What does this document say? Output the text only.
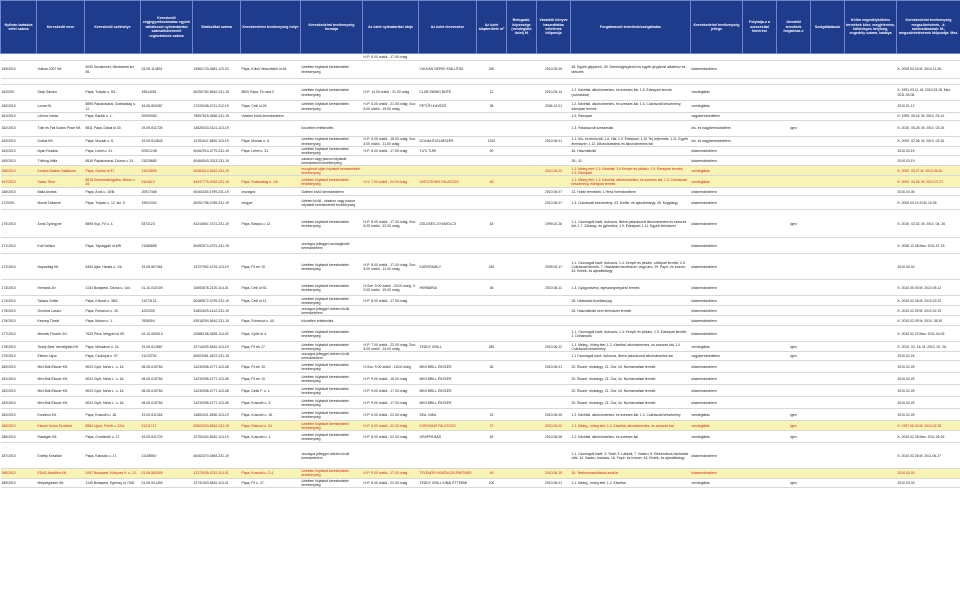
Nyilván-tartásba vétel száma	Kereskedő neve	Kereskedő székhelye	Kereskedő cégjegyzékszáma/az egyéni vállalkozói nyilvántartási száma/kistermelő regisztrációs száma	Statisztikai száma	Kereskedelmi tevékenység helye	Kereskedelmi tevékenység formája	Az üzlet nyitvatartási ideje	Az üzlet elnevezése	Az üzlet alapterülete m²	Befogadó-képessége (vendéglátó üzlet) fő	Vásárlók könyve használatba vételének időpontja	Forgalmazott termékek/szolgáltatás	Kereskedelmi tevékenység jellege	Folytatja-e a szeszesital kimérést	Jövedéki termékek forgalmaz-e	Szolgáltatások	Külön engedélyköteles termékek köre, megjelenése, különleges helyiség, engedély száma, hatálya	Kereskedelmi tevékenység megszűnésének, -k. módosításának: M., megszüntetésének időpontja: Msz.
							H-P: 8.00 órától - 17.00 óráig											
159/2010	Vulkan 2007 Kft.	6000 Kecskemét, Mindszenti krt. 55.	03-09-114831	13961723-4661-113-03	Pápa, Külső Vesszőtelei út 46.	üzletben folytatott kereskedelmi tevékenység		VULKÁN GÉPEK KIÁLLÍTÁS	250		2010.05.25	48. Egyéb gépjármű, 49. Személygépjármű és egyéb gépjármű alkatrész és -tartozék	kiskereskedelem					K: 2009.03.04 M. 2010.11.26.

16/2009.	Szép Sándor	Pápa, Tulipán u. 5/1.	19514081	60250782-5610-231-19	8500 Pápa, Fő utca 2.	üzletben folytatott kereskedelmi tevékenység	H-P: 14.00 órától - 21.00 óráig	CLUB SWING BÜFÉ	12		2010.05.14	1.2. Kávéital, alkoholmentes- és szeszes ital; 1.5. Édesipari termék (cukrászda)	vendéglátás					K: 1991.03.11. M: 2010.03.15. Msz: 2011.05.08.
160/2010	Lovas Bt.	8596 Pápakovácsi, Szabadság u. 12.	19-06-500087	27226348-4711-212-19	Pápa, Celli út 25.	üzletben folytatott kereskedelmi tevékenység	H-P: 6.00 órától - 21.00 óráig; Szo: 8.00 órától - 19.00 óráig	PETŐFI KÁVÉZÓ	38		2006.12.01	1.2. Kávéital, alkoholmentes- és szeszes ital; 1.4. Cukrászati készítmény, édesipari termék	vendéglátás					2010.01.12
161/2010	Lőrincz István	Pápa, Bartók u. 1.	20990083	75557615-4636-231-19	Üzleten kívüli kereskedelem							1.9. Édesipari	nagykereskedelem					K: 1999. 06.16. M: 2010. 03.14.
162/2010	Tóth és Fiai Szabó Pince Kft.	8511 Pápa, Dákai út 30.	19-09-511728	14825033-0121-113-19		közvetlen értékesítés						1.3. Palackozott szeszesital	kis- és nagykereskedelem		igen			K: 2010. 08.25. M: 2010. 03.15.
163/2010	Dolma Kft.	Pápa, Mozsár u. 6.	19-09-512843	14781647-6820-113-19	Pápa, Mozsár u. 6.	üzletben folytatott kereskedelmi tevékenység	H-P: 6.00 órától - 18.00 óráig; Szo: 5.00 órától - 11.00 óráig	DOLMA ÉLELMISZER	1100		2010.06.01	1.1. Kis- és fenőrzött; 1.6. Hal; 1.9. Édesipari; 1.10 Tej, tejtermék; 1.11. Egyéb élelmiszer; 1.12. Alkoholtartalmú és alkoholmentes ital	kis- és nagykereskedelem					K: 2009. 02.06. M: 2010. 03.15.
164/2010	Nyári Rozália	Pápa, Lehel u. 31.	20921248	60462914-4779-231-19	Pápa, Lehel u. 31.	üzletben folytatott kereskedelmi tevékenység	H-P: 8.00 órától - 17.00 óráig	TUTI-TURI	90			46. Használtcikk	kiskereskedelem					2010.03.19
165/2010	Tóthing Attila	8516 Pápakovácsi, Dózsa u. 24.	21025680	60484543-3313-231-19		vásáron vagy piacon folytatott kereskedelmi tevékenység						25.; 41.	kiskereskedelem					2010.03.19
166/2010	Kovács Balázs Vállalkozó	Pápa, Somlai út 97.	21024869	60484314-5610-231-19		mozgóbolt útján folytatott kereskedelmi tevékenység					2010.06.22	1.1. Meleg étel; 1.2. Kávéital; 1.4 Kenyér és pékáru; 1.5. Édesipari termék; 1.9. Édesipari	vendéglátás					K: 2000. 09.27 M: 2010.06.26.
167/2010	Szász Tibor	8516 Kemenesbögyönc, Bérsz u. 26.	9104612	44247779-4932-231-19	Pápa, Szabadság u. 1/A	üzletben folytatott kereskedelmi tevékenység	H-V: 7.00 órától - 24.00 óráig	ÜVEGTIGRIS FALATOZÓ	46			1.1. Meleg étel; 1.2. Kávéital, alkoholmentes- és szeszes ital; 1.3. Cukrászati készítmény, édesipari termék	vendéglátás					K: 2000. 04.26. M: 2010.07.27.
168/2010	Balla András	Pápa, Árok u. 15/B.	20917468	60461159-4799-231-19	országos	Üzleten kívüli kereskedelem					2010.06.07	23. Hobbi termékek; 1.Hesz Kereskedelem	kiskereskedelem					2010.04.06
17/2009.	Mondi Zoltánné	Pápa, Tulipán u. 12. fsz. 5.	19524302	60251758-4789-231-19	megyei	üzleten kívüli - vásáron vagy piacon folytatott kereskedelmi tevékenység					2010.06.07	1.3. Cukrászati készítmény; 43. Emlék- és ajándéktárgy; 45. Kegytárgy	kiskereskedelem					K: 2009.03.10 2010.10.06
170/2010	Árvai Gyöngyné	8595 Kup, Fő u. 4.	5374123	61244667-4721-231-19	Pápa, Bástya u. 12.	üzletben folytatott kereskedelmi tevékenység	H-P: 8.00 órától - 17.30 óráig; Szo: 8.00 órától - 12.00 óráig	ZÖLDSÉG-GYÜMÖLCS	18		1999.02.26	1.1. Csomagolt kávé, dobozos, illetve palackozott alkoholmentes és szeszes ital; 1.7. Zöldség- és gyümölcs; 1.9. Édesipari; 1.11. Egyéb élelmiszer	kiskereskedelem		igen			K: 2010. 02.02. M: 2010. 04. 26.
171/2010	Kutl Szilárd	Pápa, Táplagyári út 6/B	21066885	60492674-4791-231-19		országos jelleggel csomagküldő kereskedelem							kiskereskedelem					K: 2008.12.08 Msz: 2011.07.13.
172/2010	Napcsillag Kft.	8400 Ajka, Hársfa u. 1/b.	19-09-507461	13727952-4719-113-19	Pápa, Fő tér 19	üzletben folytatott kereskedelmi tevékenység	H-P: 8.00 órától - 17.00 óráig; Szo: 8.00 órától - 12.00 óráig	EUROFAMILY	150		2009.04.17	1.1. Csomagolt kávé, dobozos; 1.4. Kenyér és pékáru, sütőipari termék; 2.5. Cukrászati termék; 7. Háztartási tisztítószer, vegyi áru; 29. Papír- és írószer; 43. Emlék- és ajándéktárgy	kiskereskedelem					2010.05.02
173/2010	Herbária Zrt.	1134 Budapest, Dózsa u. 144.	01-10-042109	10653678-2120-114-01	Pápa, Celli út 92.	üzletben folytatott kereskedelmi tevékenység	H-Sze: 9.00 órától - 20.00 óráig; V: 9.00 órától - 19.00 óráig	HERBÁRIA	36		2010.06.11	1.3. Gyógynövény, egészségmegőrző termék	kiskereskedelem					K: 2010.05.03 M: 2010.05.12
174/2010	Takács Zoltán	Pápa, Kölcsei u. 38/2.	21073121	60485572-4799-231-19	Pápa, Celli út 11.	üzletben folytatott kereskedelmi tevékenység	H-P: 8.00 órától - 17.00 óráig					28. Háztartási tüzelőanyag	kiskereskedelem					K: 2010.02.06 M: 2010.02.22
175/2010	Gombos László	Pápa, Rohonczi u. 40.	4222005	51802629-1412-231-19		országos jelleggel üzleten kívüli kereskedelem						28. Használtcikk nem élelmiszer termék	kiskereskedelem					K: 2010.02.09 M: 2010.02.19
176/2010	Keszeg Tünde	Pápa, Malom u. 1.	7836904	63918294-5610-231-19	Pápa, Rohonczi u. 40.	közvetlen értékesítés							kiskereskedelem					K: 2010.02.09 M: 2010. 08.30
177/2010	Mecsek Füszért Zrt.	7625 Pécs, Megyeri út 59.	02-10-060013	10586198-4639-114-02	Pápa, Győri út 4.	üzletben folytatott kereskedelmi tevékenység						1.1. Csomagolt kávé, dobozos; 1.4. Kenyér és pékáru; 1.9. Édesipari termék; 2. Dohányárú	kiskereskedelem					K: 2010.02.22 Msz: 2011.04.09
178/2010	Teddy Bear Vendéglátó Kft.	Pápa, Mészáros u. 24.	19-09-512887	22714039-5610-113-19	Pápa, Fő tér 27.	üzletben folytatott kereskedelmi tevékenység	H-P: 7.00 órától - 22.00 óráig; Szo: 8.00 órától - 24.00 óráig	TEDDY GRILL	389		2010.06.22	1.1. Meleg-, hideg étel; 1.2. Kávéital, alkoholmentes- és szeszes ital; 1.4. Cukrászati készítmény	vendéglátás		igen			K: 2010. 02. 16. M: 2010. 02. 26.
179/2010	Elekes Lajos	Pápa, Csoknyai u. 97.	21123726	60503451-4672-231-19		országos jelleggel üzleten kívüli kereskedelem						1.1 Csomagolt kávé, dobozos, illetve palackozott alkoholmentes ital	nagykereskedelem		igen			2010.02.24
180/2010	Mini Brill-Ékszer Kft.	9024 Győr, Mécs L. u. 16.	08-09-015784	14230398-4777-113-08	Pápa, Fő tér 10.	üzletben folytatott kereskedelmi tevékenység	H-Szo: 9.00 órától - 18.00 óráig	MINI BRILL ÉKSZER	36		2010.06.01	20. Ékszer, dísztárgy; 21. Óra; 44. Numizmatikai termék	kiskereskedelem					2010.02.25
181/2010	Mini Brill-Ékszer Kft.	9024 Győr, Mécs L. u. 16.	08-09-015784	14230398-4777-113-08	Pápa, Fő tér 10.	üzletben folytatott kereskedelmi tevékenység	H-P: 9.00 órától - 18.00 óráig	MINI BRILL ÉKSZER				20. Ékszer, dísztárgy; 21. Óra; 44. Numizmatikai termék	kiskereskedelem					2010.02.25
182/2010	Mini Brill-Ékszer Kft.	9024 Győr, Mécs L. u. 16.	08-09-015784	14230398-4777-113-08	Pápa, Deák F. u. 1.	üzletben folytatott kereskedelmi tevékenység	H-P: 9.00 órától - 17.00 óráig	MINI BRILL ÉKSZER				20. Ékszer, dísztárgy; 21. Óra; 44. Numizmatikai termék	kiskereskedelem					2010.02.25
183/2010	Mini Brill-Ékszer Kft.	9024 Győr, Mécs L. u. 16.	08-09-015784	14230398-4777-113-08	Pápa, Kossuth u. 3.	üzletben folytatott kereskedelmi tevékenység	H-P: 9.00 órától - 17.00 óráig	MINI BRILL ÉKSZER				20. Ékszer, dísztárgy; 21. Óra; 44. Numizmatikai termék	kiskereskedelem					2010.02.25
184/2010	Kondrics Kft.	Pápa, Kossuth u. 18.	19-09-511318	14681021-5630-113-19	Pápa, Kossuth u. 18.	üzletben folytatott kereskedelmi tevékenység	H-P: 6.00 órától - 22.00 óráig	SKA- NIKA	15		2010.06.05	1.2. Kávéital, alkoholmentes- és szeszes ital; 1.4. Cukrászati készítmény	vendéglátás		igen			2010.02.25
185/2010	Kissné Szőcs Erzsébet	8564 Ugod, Petőfi u. 22/A	21211717	60502093-5610-231-19	Pápa, Rákóczi u. 34.	üzletben folytatott kereskedelmi tevékenység	H-P: 6.00 órától - 22.00 óráig	KORVINUS FALATOZÓ	37		2010.06.02	1.1. Meleg-, hideg étel; 1.2. Kávéital, alkoholmentes- és szeszes ital	vendéglátás		igen			K: 1997.06.24 M: 2010.02.25
186/2010	Raabgén Kft.	Pápa, Gombkötő u. 27.	19-09-511703	22750434-5610-113-19	Pápa, Kossuth u. 1.	üzletben folytatott kereskedelmi tevékenység	H-P: 8.00 órától - 22.00 óráig	GRAPPA BÁR	45		2010.06.08	1.2. Kávéital, alkoholmentes- és szeszes ital	vendéglátás		igen			K: 2010.02.26 Msz: 2011.05.26
187/2010	Erdélyi Krisztián	Pápa, Klasszik u. 17.	21165940	60452370-4554-231-19		országos jelleggel üzleten kívüli kereskedelem						1.1. Csomagolt kávé; 3. Textil; 5. Lábbeli; 7. Vasáru; 8. Elektronikus háztartási cikk; 14. Vasáru, barkács; 16. Papír- és írószer; 43. Emlék- és ajándéktárgy	kiskereskedelem					K: 2010.02.26 M: 2011.06.27
188/2010	EDAS-Mobilfon Kft.	1097 Budapest, Könyves K. u. 12.	01-09-563499	12170035-4742-113-01	Pápa, Kossuth u. 2-4.	üzletben folytatott kereskedelmi tevékenység	H-P: 9.00 órától - 17.00 óráig	TELENOR HIVATALOS PARTNER	45		2010.06.15	30. Telekommunikációs eszköz	kiskereskedelem					2010.03.03
189/2010	Mélységiesen Kft.	1149 Budapest, Egressy út 73/B.	01-09-941490	22741303-5610-113-01	Pápa, Fő u. 27.	üzletben folytatott kereskedelmi tevékenység	H-P: 8.00 órától - 22.00 óráig	TEDDY GRILL KINAI ÉTTERMI	100		2010.06.01	1.1. Meleg-, hideg étel; 1.2. Kávéital	vendéglátás		igen			2010.03.03
